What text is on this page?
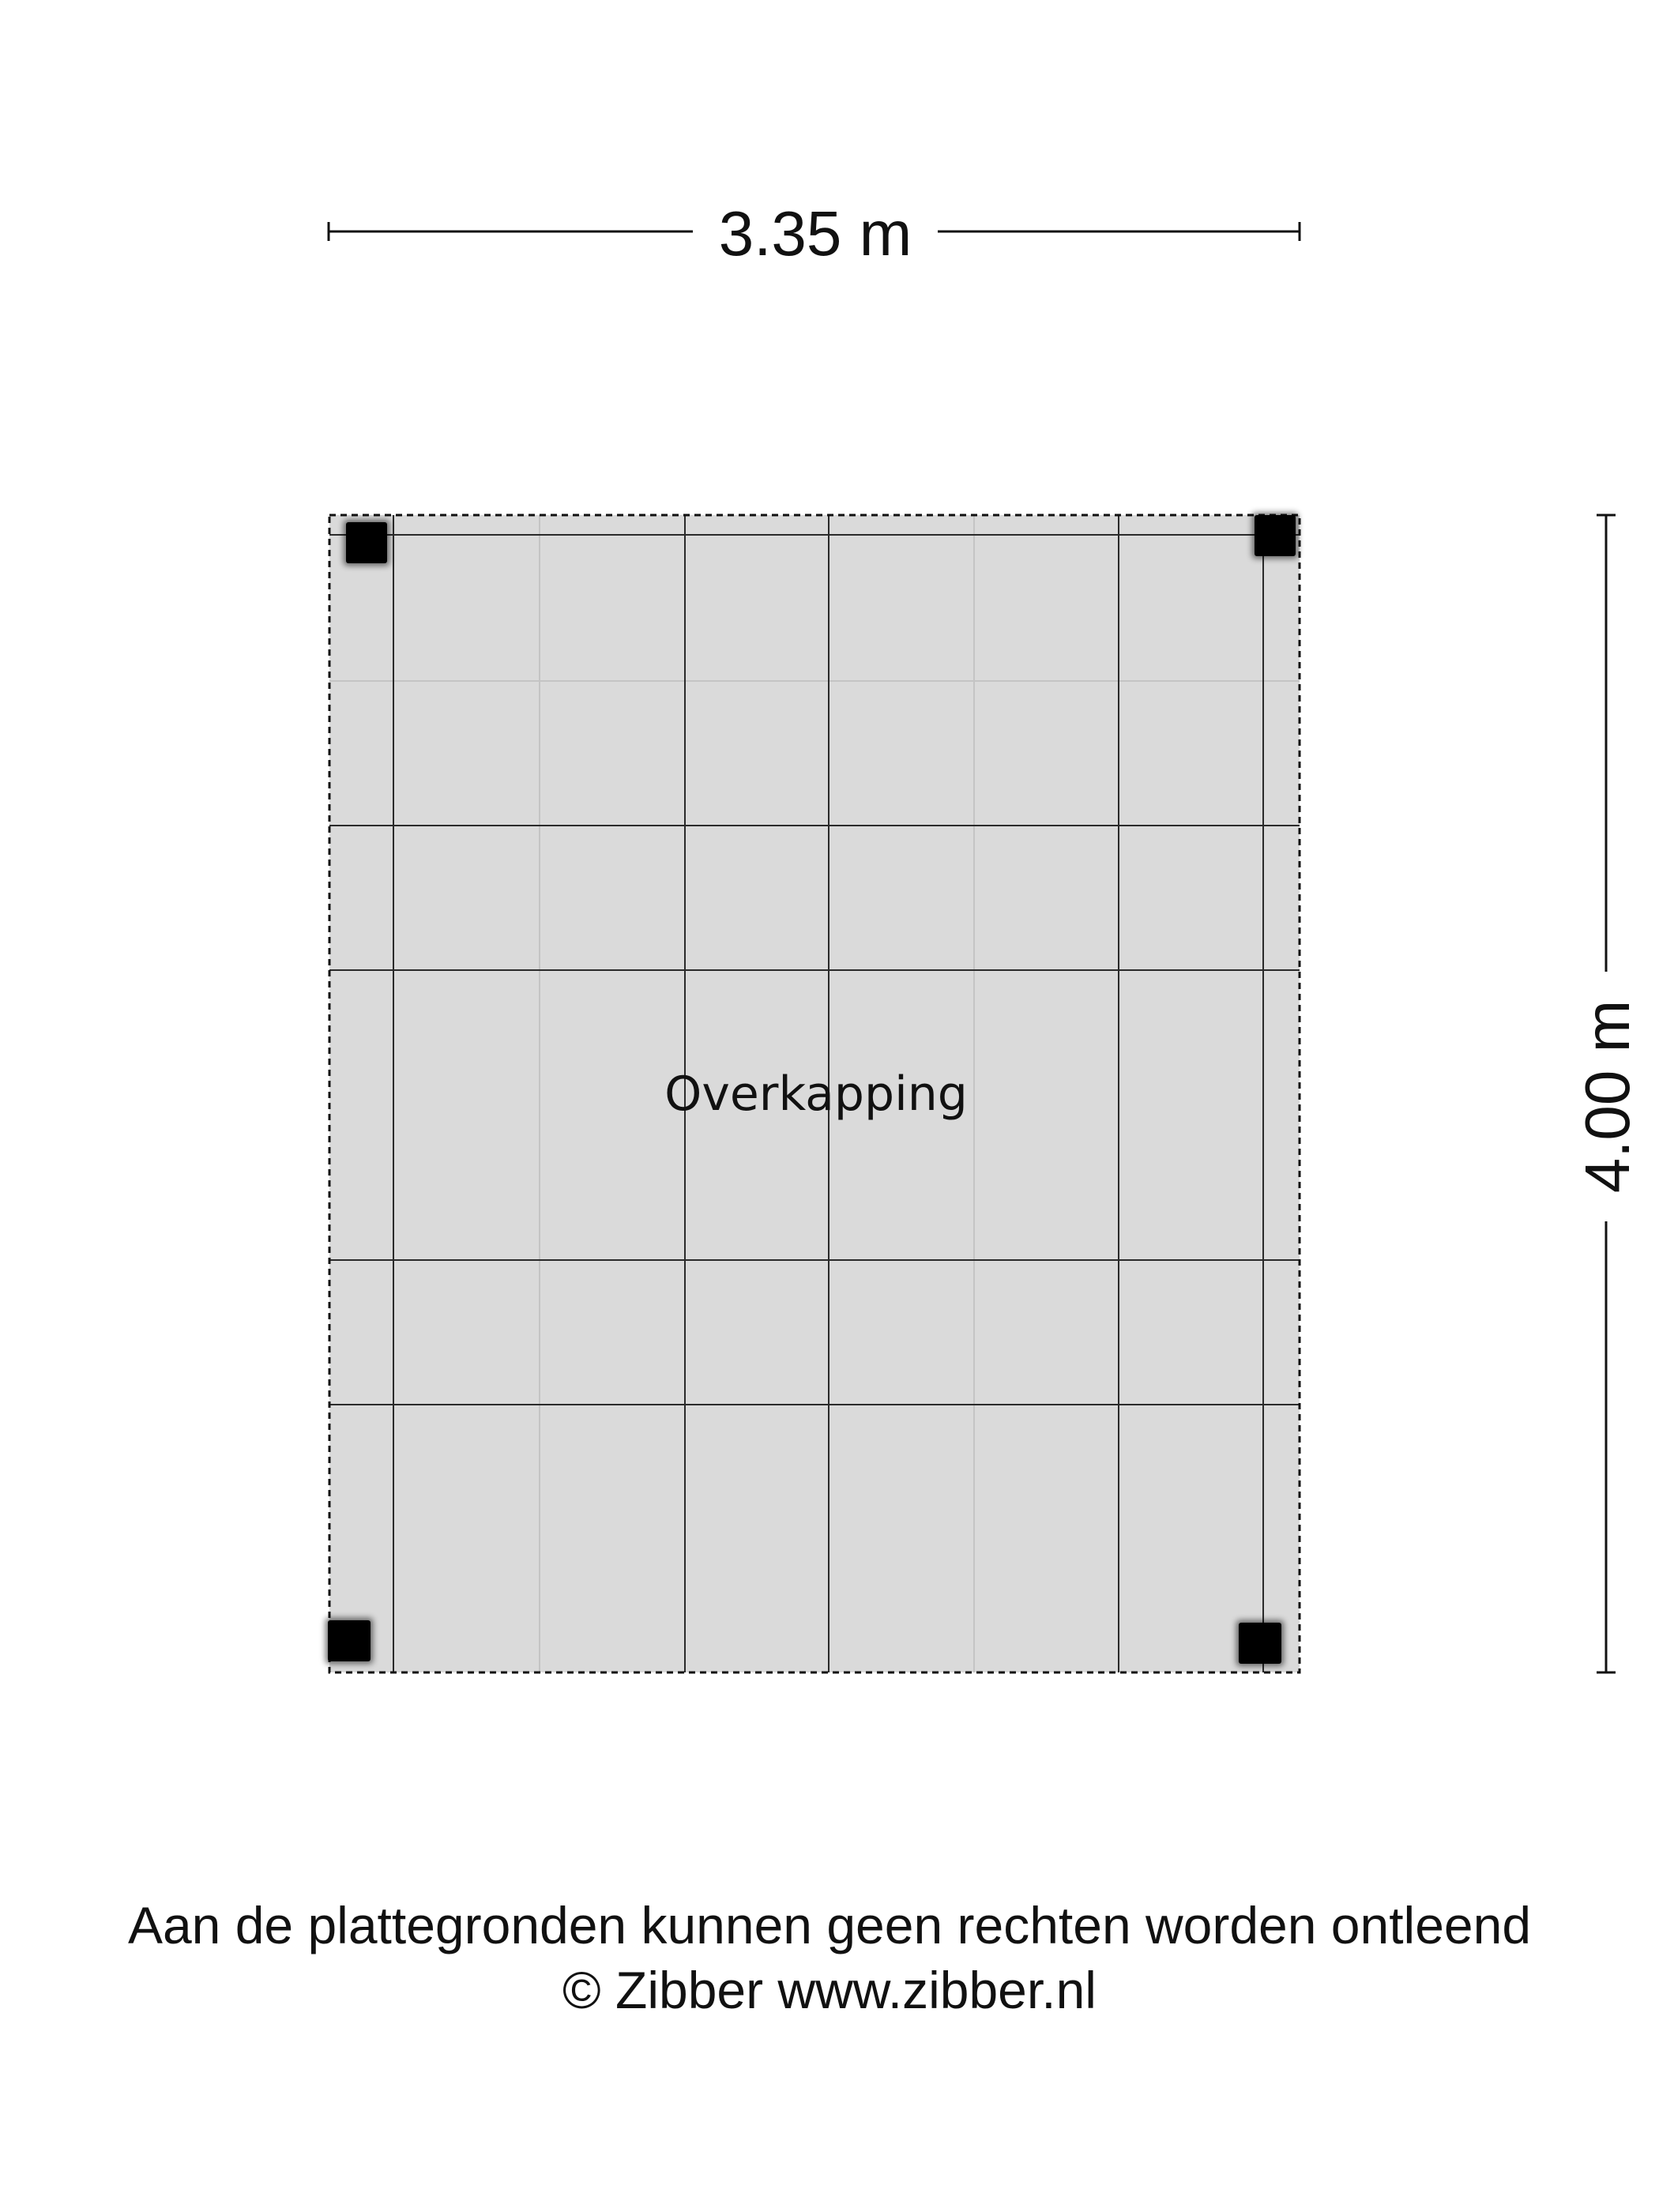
3.35 m
4.00 m
Overkapping
Aan de plattegronden kunnen geen rechten worden ontleend
© Zibber www.zibber.nl
